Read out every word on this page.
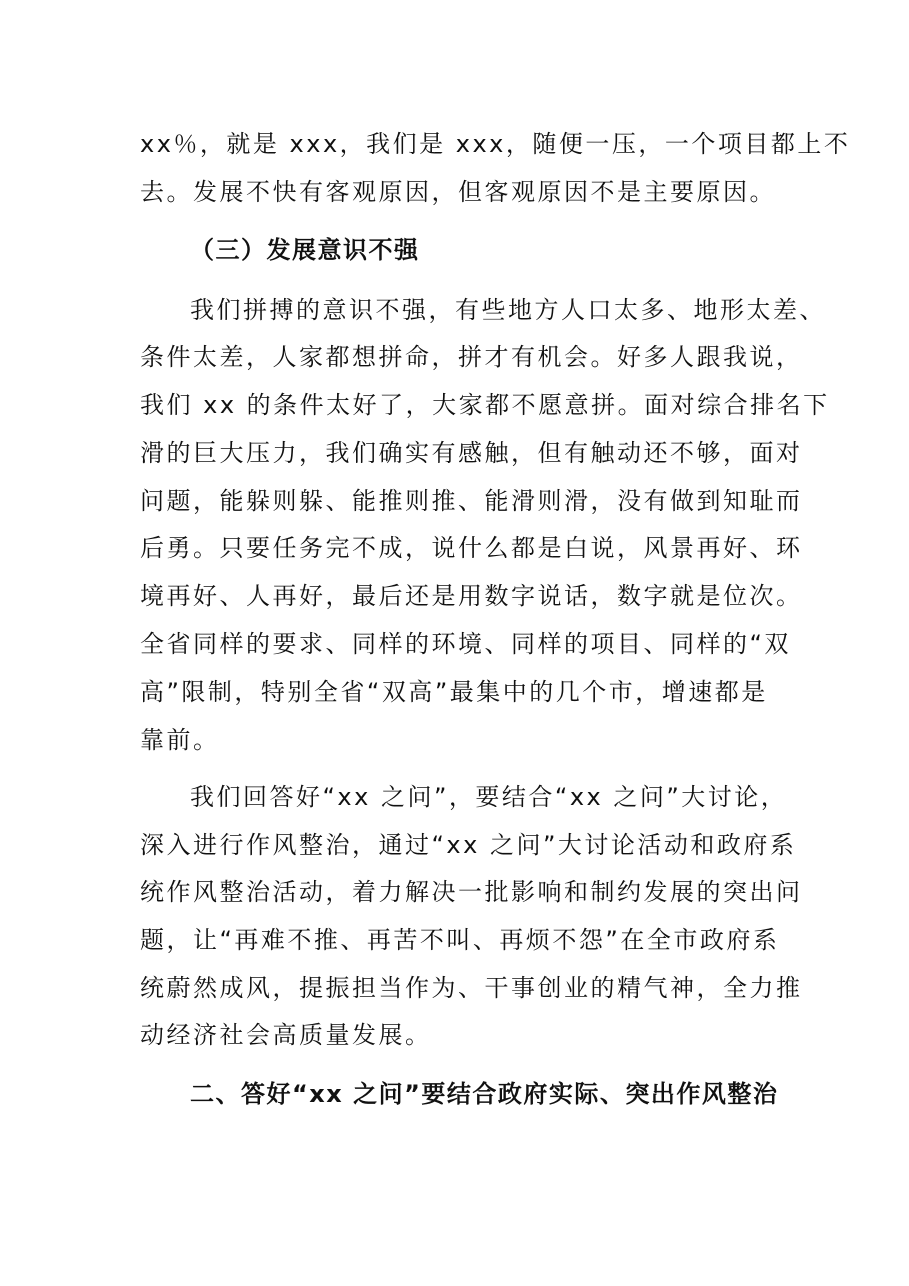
xx％，就是 xxx，我们是 xxx，随便一压，一个项目都上不
去。发展不快有客观原因，但客观原因不是主要原因。
（三）发展意识不强
我们拼搏的意识不强，有些地方人口太多、地形太差、
条件太差，人家都想拼命，拼才有机会。好多人跟我说，
我们 xx 的条件太好了，大家都不愿意拼。面对综合排名下
滑的巨大压力，我们确实有感触，但有触动还不够，面对
问题，能躲则躲、能推则推、能滑则滑，没有做到知耻而
后勇。只要任务完不成，说什么都是白说，风景再好、环
境再好、人再好，最后还是用数字说话，数字就是位次。
全省同样的要求、同样的环境、同样的项目、同样的“双
高”限制，特别全省“双高”最集中的几个市，增速都是
靠前。
我们回答好“xx 之问”，要结合“xx 之问”大讨论，
深入进行作风整治，通过“xx 之问”大讨论活动和政府系
统作风整治活动，着力解决一批影响和制约发展的突出问
题，让“再难不推、再苦不叫、再烦不怨”在全市政府系
统蔚然成风，提振担当作为、干事创业的精气神，全力推
动经济社会高质量发展。
二、答好“xx 之问”要结合政府实际、突出作风整治
